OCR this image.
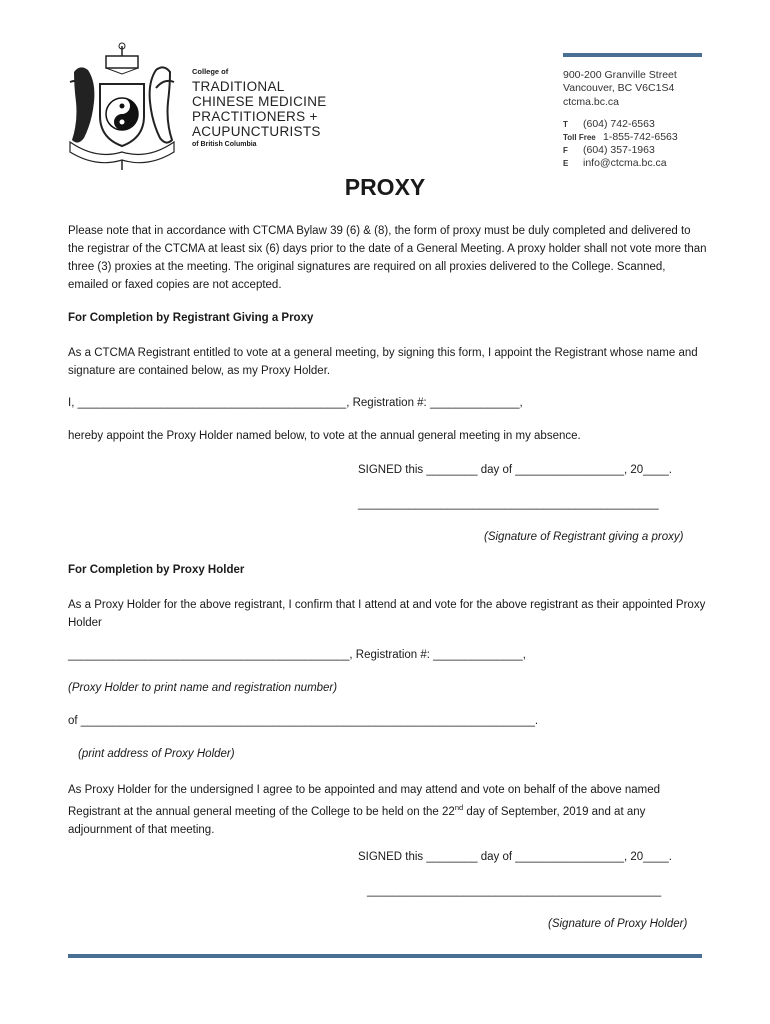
College of
TRADITIONAL
CHINESE MEDICINE
PRACTITIONERS +
ACUPUNCTURISTS
of British Columbia
900-200 Granville Street
Vancouver, BC V6C1S4
ctcma.bc.ca
T (604) 742-6563
Toll Free 1-855-742-6563
F (604) 357-1963
E info@ctcma.bc.ca
PROXY
Please note that in accordance with CTCMA Bylaw 39 (6) & (8), the form of proxy must be duly completed and delivered to the registrar of the CTCMA at least six (6) days prior to the date of a General Meeting. A proxy holder shall not vote more than three (3) proxies at the meeting. The original signatures are required on all proxies delivered to the College. Scanned, emailed or faxed copies are not accepted.
For Completion by Registrant Giving a Proxy
As a CTCMA Registrant entitled to vote at a general meeting, by signing this form, I appoint the Registrant whose name and signature are contained below, as my Proxy Holder.
I, __________________________________________, Registration #: ______________,
hereby appoint the Proxy Holder named below, to vote at the annual general meeting in my absence.
SIGNED this ________ day of _________________, 20____.
_______________________________________________
(Signature of Registrant giving a proxy)
For Completion by Proxy Holder
As a Proxy Holder for the above registrant, I confirm that I attend at and vote for the above registrant as their appointed Proxy Holder
____________________________________________, Registration #: ______________,
(Proxy Holder to print name and registration number)
of _______________________________________________________________________.
(print address of Proxy Holder)
As Proxy Holder for the undersigned I agree to be appointed and may attend and vote on behalf of the above named Registrant at the annual general meeting of the College to be held on the 22nd day of September, 2019 and at any adjournment of that meeting.
SIGNED this ________ day of _________________, 20____.
______________________________________________
(Signature of Proxy Holder)
